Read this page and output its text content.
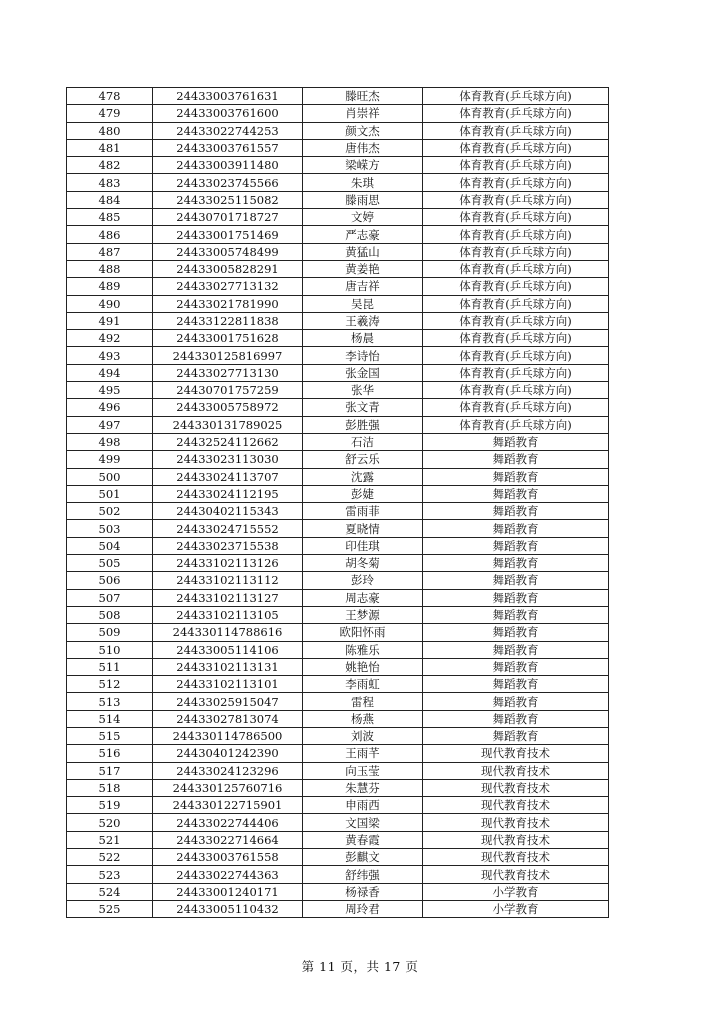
478	24433003761631	滕旺杰	体育教育(乒乓球方向)
479	24433003761600	肖崇祥	体育教育(乒乓球方向)
480	24433022744253	颜文杰	体育教育(乒乓球方向)
481	24433003761557	唐伟杰	体育教育(乒乓球方向)
482	24433003911480	梁嵘方	体育教育(乒乓球方向)
483	24433023745566	朱琪	体育教育(乒乓球方向)
484	24433025115082	滕雨思	体育教育(乒乓球方向)
485	24430701718727	文婷	体育教育(乒乓球方向)
486	24433001751469	严志豪	体育教育(乒乓球方向)
487	24433005748499	黄猛山	体育教育(乒乓球方向)
488	24433005828291	黄姜艳	体育教育(乒乓球方向)
489	24433027713132	唐吉祥	体育教育(乒乓球方向)
490	24433021781990	吴昆	体育教育(乒乓球方向)
491	24433122811838	王羲涛	体育教育(乒乓球方向)
492	24433001751628	杨晨	体育教育(乒乓球方向)
493	244330125816997	李诗怡	体育教育(乒乓球方向)
494	24433027713130	张金国	体育教育(乒乓球方向)
495	24430701757259	张华	体育教育(乒乓球方向)
496	24433005758972	张文青	体育教育(乒乓球方向)
497	244330131789025	彭胜强	体育教育(乒乓球方向)
498	24432524112662	石洁	舞蹈教育
499	24433023113030	舒云乐	舞蹈教育
500	24433024113707	沈露	舞蹈教育
501	24433024112195	彭婕	舞蹈教育
502	24430402115343	雷雨菲	舞蹈教育
503	24433024715552	夏晓情	舞蹈教育
504	24433023715538	印佳琪	舞蹈教育
505	24433102113126	胡冬菊	舞蹈教育
506	24433102113112	彭玲	舞蹈教育
507	24433102113127	周志豪	舞蹈教育
508	24433102113105	王梦源	舞蹈教育
509	244330114788616	欧阳怀雨	舞蹈教育
510	24433005114106	陈雅乐	舞蹈教育
511	24433102113131	姚艳怡	舞蹈教育
512	24433102113101	李雨虹	舞蹈教育
513	24433025915047	雷程	舞蹈教育
514	24433027813074	杨燕	舞蹈教育
515	244330114786500	刘波	舞蹈教育
516	24430401242390	王雨芊	现代教育技术
517	24433024123296	向玉莹	现代教育技术
518	244330125760716	朱慧芬	现代教育技术
519	244330122715901	申雨西	现代教育技术
520	24433022744406	文国梁	现代教育技术
521	24433022714664	黄春霞	现代教育技术
522	24433003761558	彭麒文	现代教育技术
523	24433022744363	舒纬强	现代教育技术
524	24433001240171	杨禄香	小学教育
525	24433005110432	周玲君	小学教育
第 11 页，共 17 页
